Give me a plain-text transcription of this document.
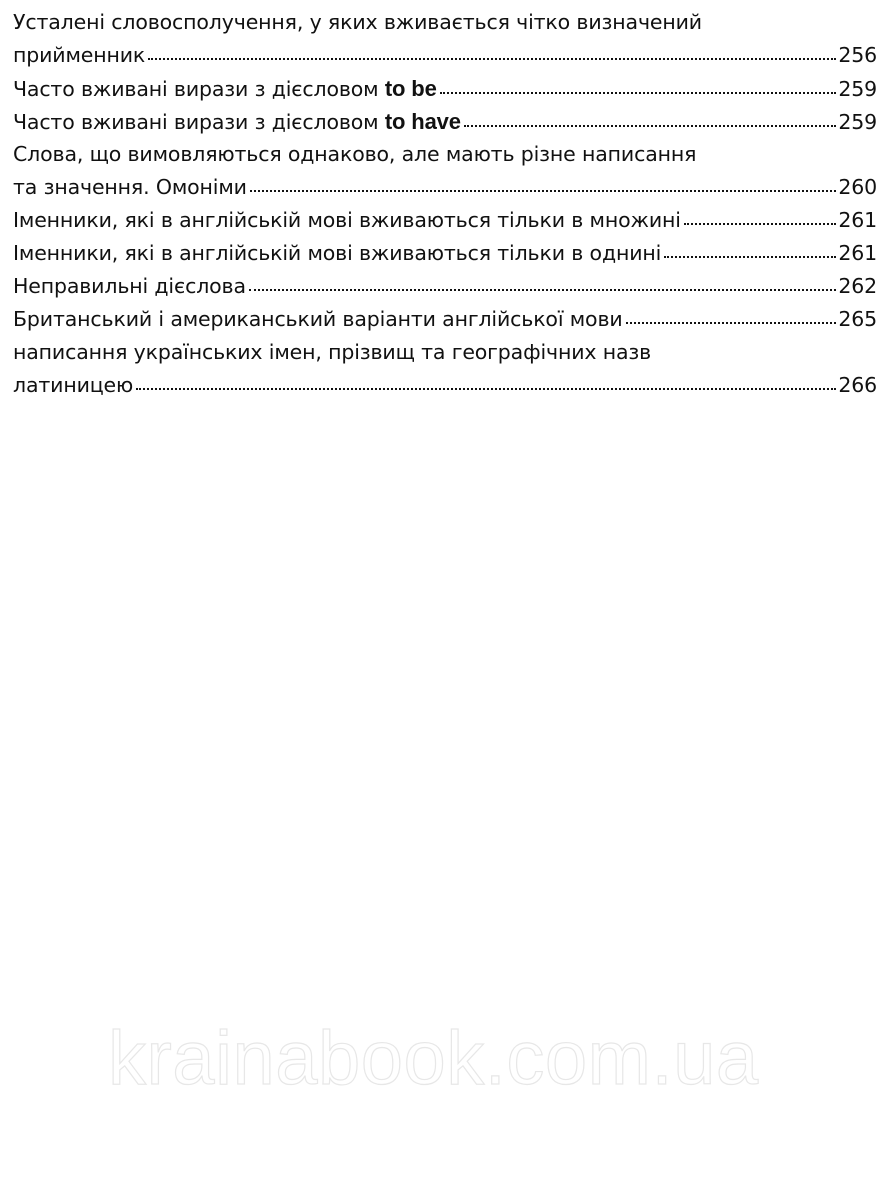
Усталені словосполучення, у яких вживається чітко визначений
прийменник	256
Часто вживані вирази з дієсловом to be	259
Часто вживані вирази з дієсловом to have	259
Слова, що вимовляються однаково, але мають різне написання
та значення. Омоніми	260
Іменники, які в англійській мові вживаються тільки в множині	261
Іменники, які в англійській мові вживаються тільки в однині	261
Неправильні дієслова	262
Британський і американський варіанти англійської мови	265
написання українських імен, прізвищ та географічних назв
латиницею	266
krainabook.com.ua
